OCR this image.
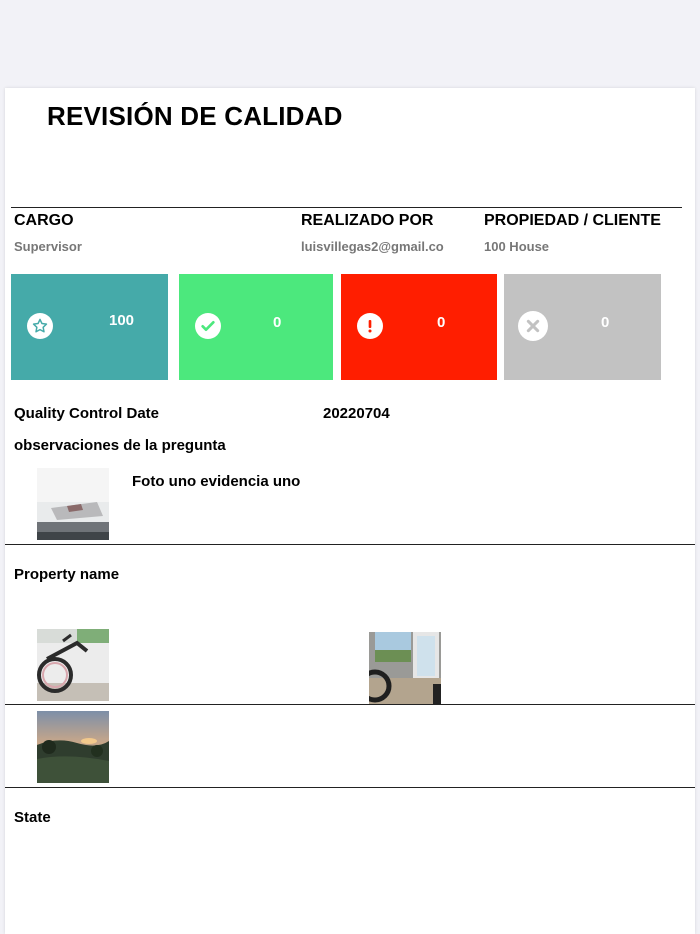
REVISIÓN DE CALIDAD
CARGO
Supervisor
REALIZADO POR
luisvillegas2@gmail.co
PROPIEDAD / CLIENTE
100 House
100	0	0	0
Quality Control Date	20220704
observaciones de la pregunta
Foto uno evidencia uno
Property name
State
